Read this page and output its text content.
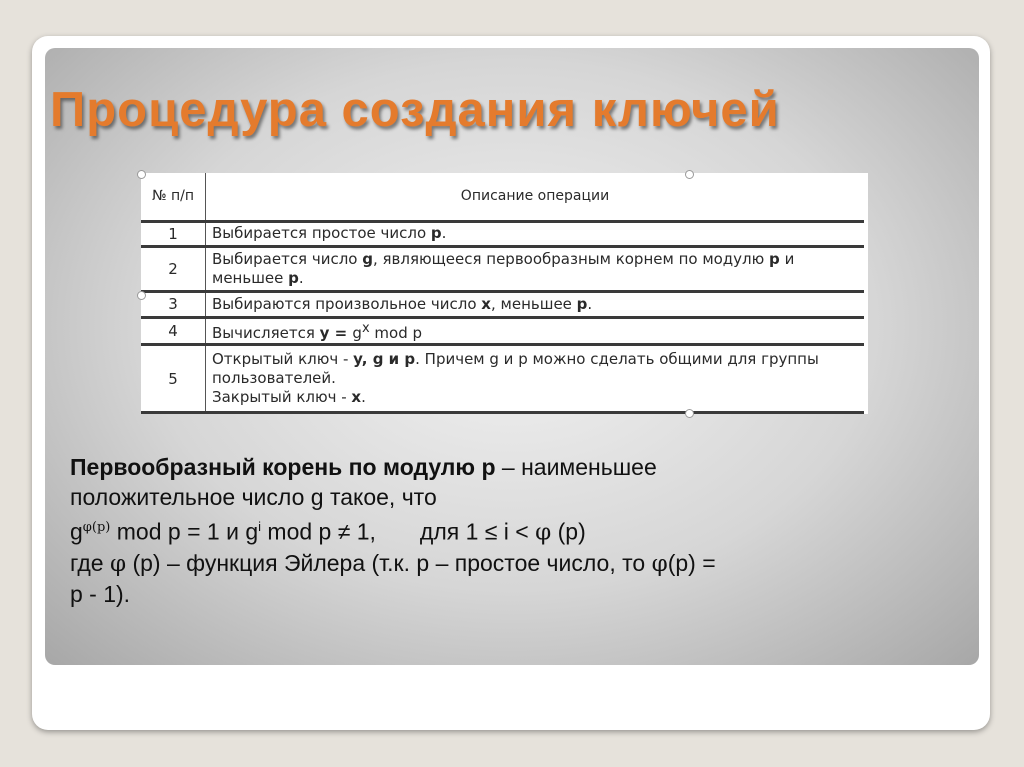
Процедура создания ключей
№ п/п	Описание операции
1	Выбирается простое число p.
2	Выбирается число g, являющееся первообразным корнем по модулю p и меньшее p.
3	Выбираются произвольное число x, меньшее p.
4	Вычисляется $y = g^x$ mod p
5	Открытый ключ - y, g и p. Причем g и p можно сделать общими для группы пользователей.
Закрытый ключ - x.

Первообразный корень по модулю р – наименьшее

положительное число g такое, что

$g^{\varphi(p)}$ mod p = 1 и $g^i$ mod p ≠ 1, для 1 ≤ i < φ (p)

где φ (р) – функция Эйлера (т.к. р – простое число, то φ(р) =

р - 1).
